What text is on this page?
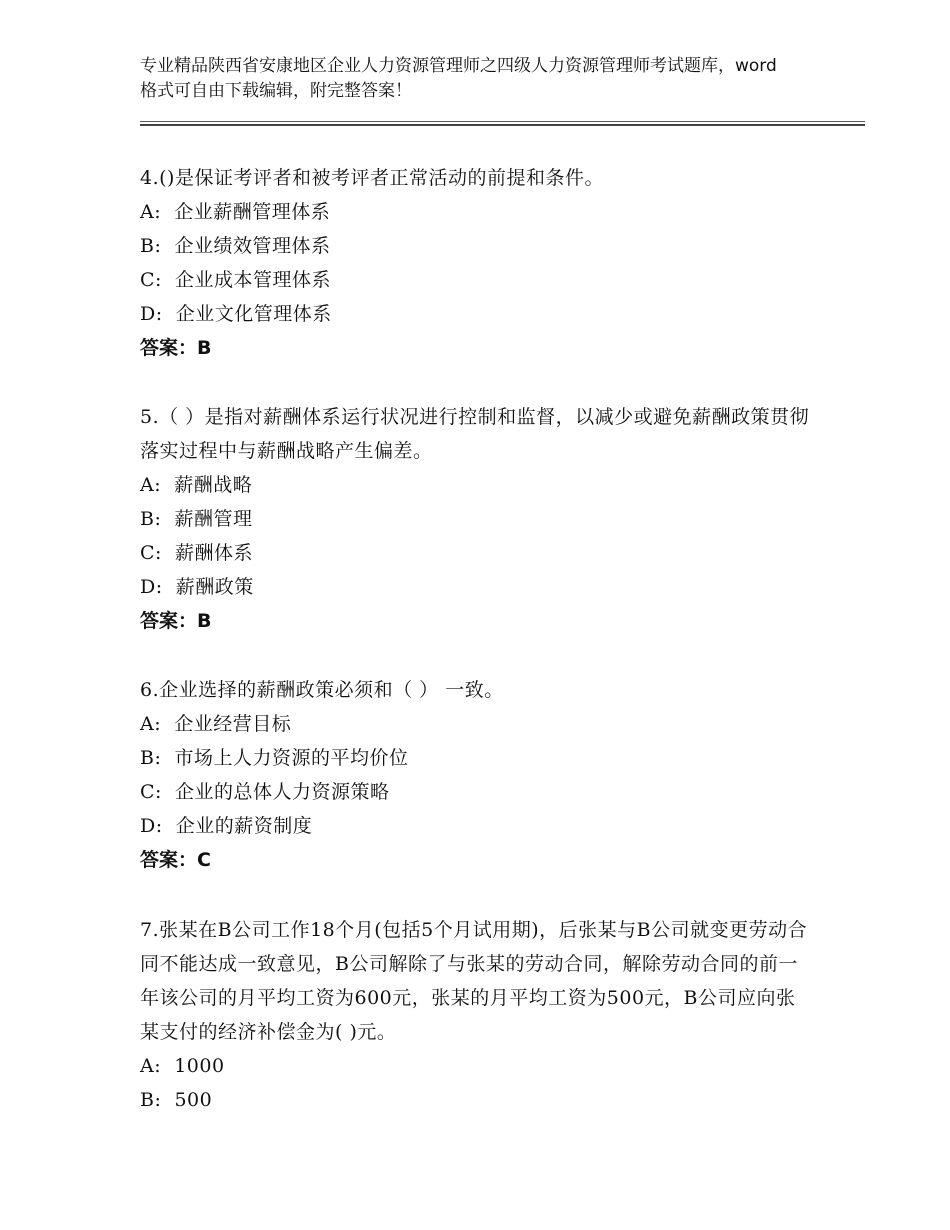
专业精品陕西省安康地区企业人力资源管理师之四级人力资源管理师考试题库，word格式可自由下载编辑，附完整答案！
4.()是保证考评者和被考评者正常活动的前提和条件。
A:  企业薪酬管理体系
B:  企业绩效管理体系
C:  企业成本管理体系
D:  企业文化管理体系
答案：B
5.（ ）是指对薪酬体系运行状况进行控制和监督，以减少或避免薪酬政策贯彻落实过程中与薪酬战略产生偏差。
A:  薪酬战略
B:  薪酬管理
C:  薪酬体系
D:  薪酬政策
答案：B
6.企业选择的薪酬政策必须和（ ） 一致。
A:  企业经营目标
B:  市场上人力资源的平均价位
C:  企业的总体人力资源策略
D:  企业的薪资制度
答案：C
7.张某在B公司工作18个月(包括5个月试用期)，后张某与B公司就变更劳动合同不能达成一致意见，B公司解除了与张某的劳动合同，解除劳动合同的前一年该公司的月平均工资为600元，张某的月平均工资为500元，B公司应向张某支付的经济补偿金为( )元。
A:  1000
B:  500
